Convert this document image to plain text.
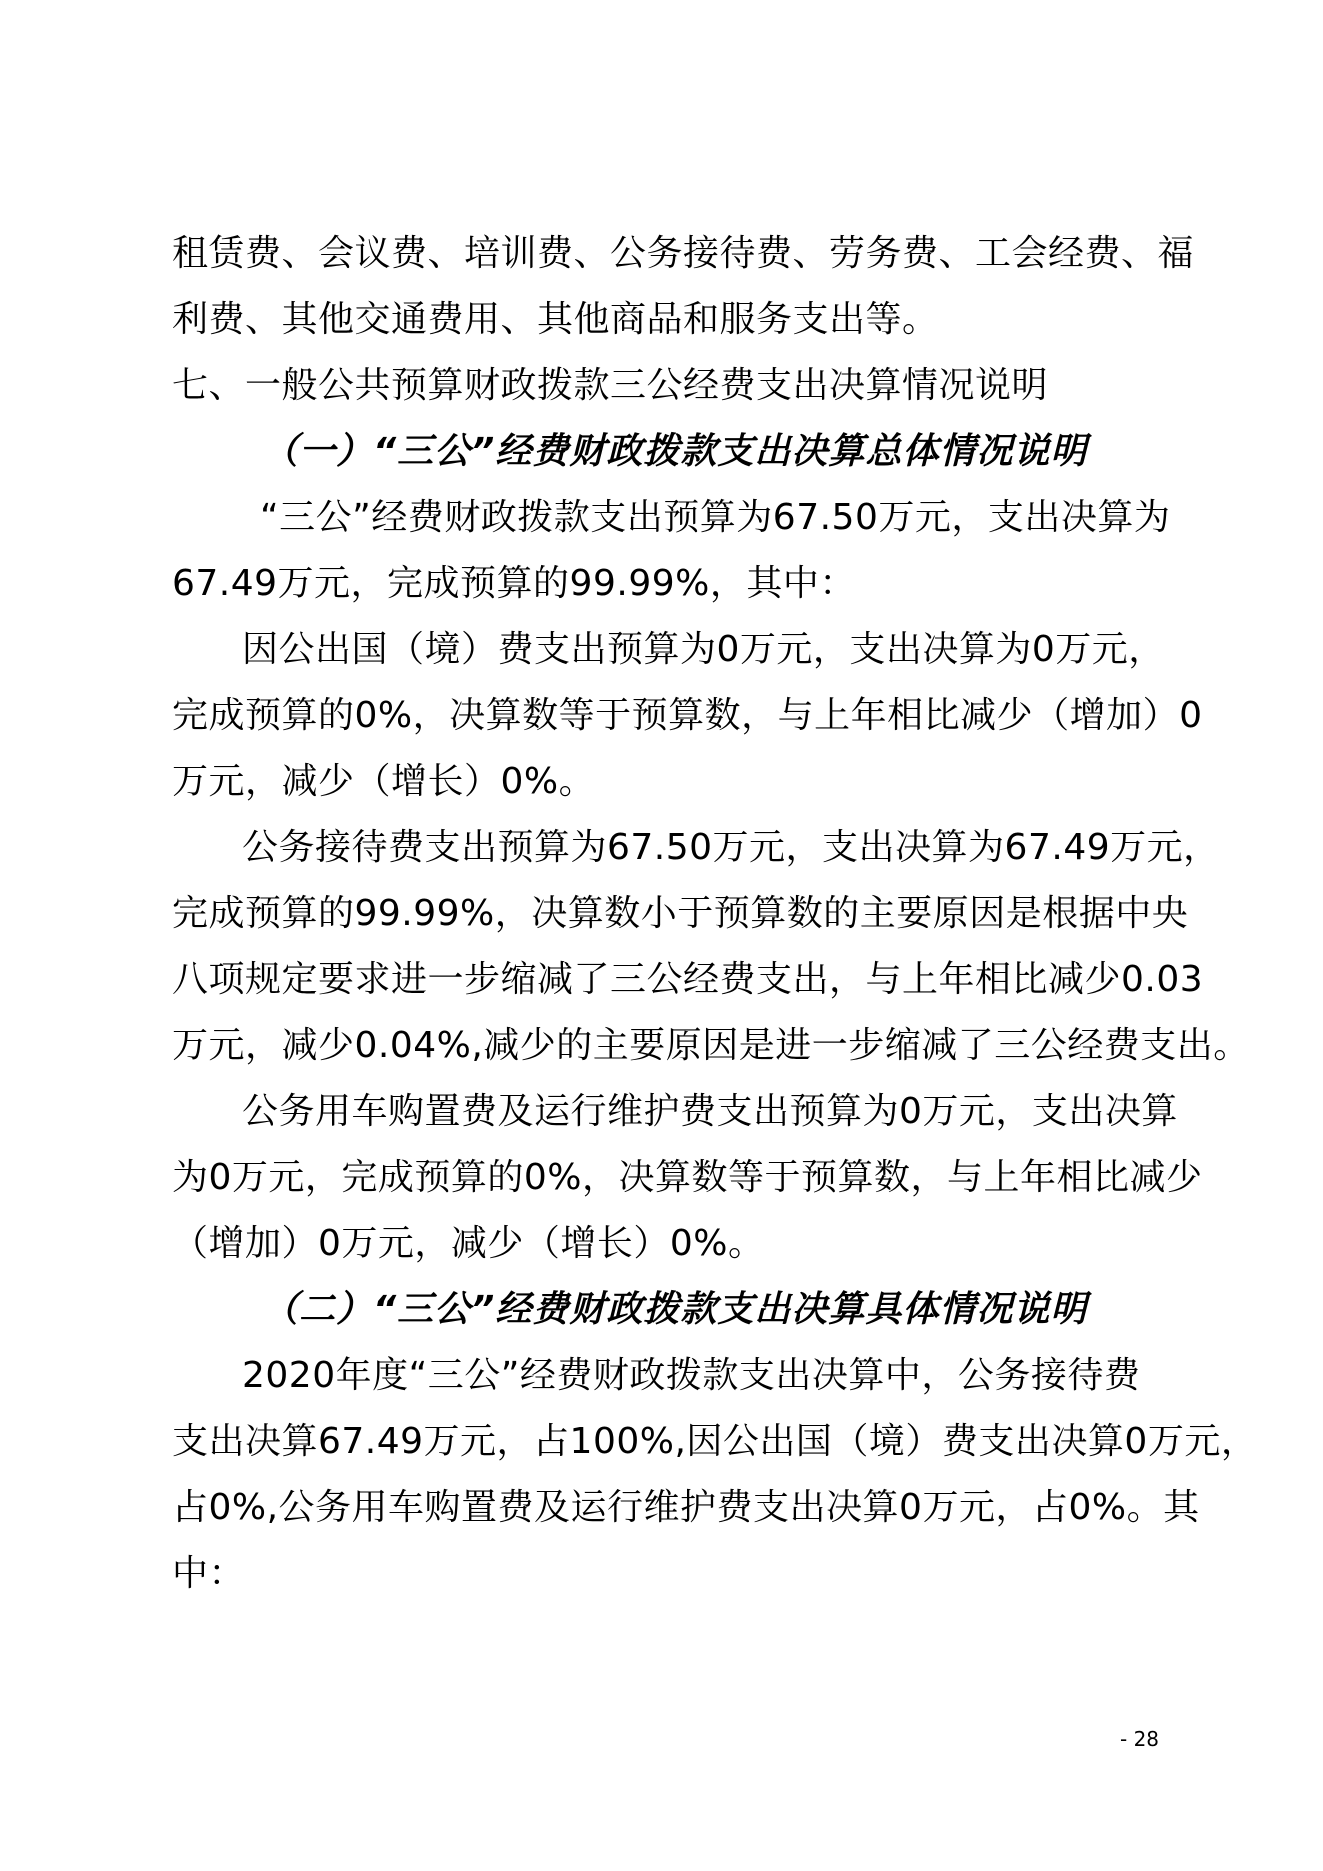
租赁费、会议费、培训费、公务接待费、劳务费、工会经费、福
利费、其他交通费用、其他商品和服务支出等。
七、一般公共预算财政拨款三公经费支出决算情况说明
（一）“三公”经费财政拨款支出决算总体情况说明
“三公”经费财政拨款支出预算为67.50万元，支出决算为
67.49万元，完成预算的99.99%，其中：
因公出国（境）费支出预算为0万元，支出决算为0万元，
完成预算的0%，决算数等于预算数，与上年相比减少（增加）0
万元，减少（增长）0%。
公务接待费支出预算为67.50万元，支出决算为67.49万元，
完成预算的99.99%，决算数小于预算数的主要原因是根据中央
八项规定要求进一步缩减了三公经费支出，与上年相比减少0.03
万元，减少0.04%,减少的主要原因是进一步缩减了三公经费支出。
公务用车购置费及运行维护费支出预算为0万元，支出决算
为0万元，完成预算的0%，决算数等于预算数，与上年相比减少
（增加）0万元，减少（增长）0%。
（二）“三公”经费财政拨款支出决算具体情况说明
2020年度“三公”经费财政拨款支出决算中，公务接待费
支出决算67.49万元，占100%,因公出国（境）费支出决算0万元，
占0%,公务用车购置费及运行维护费支出决算0万元，占0%。其
中：
- 28
